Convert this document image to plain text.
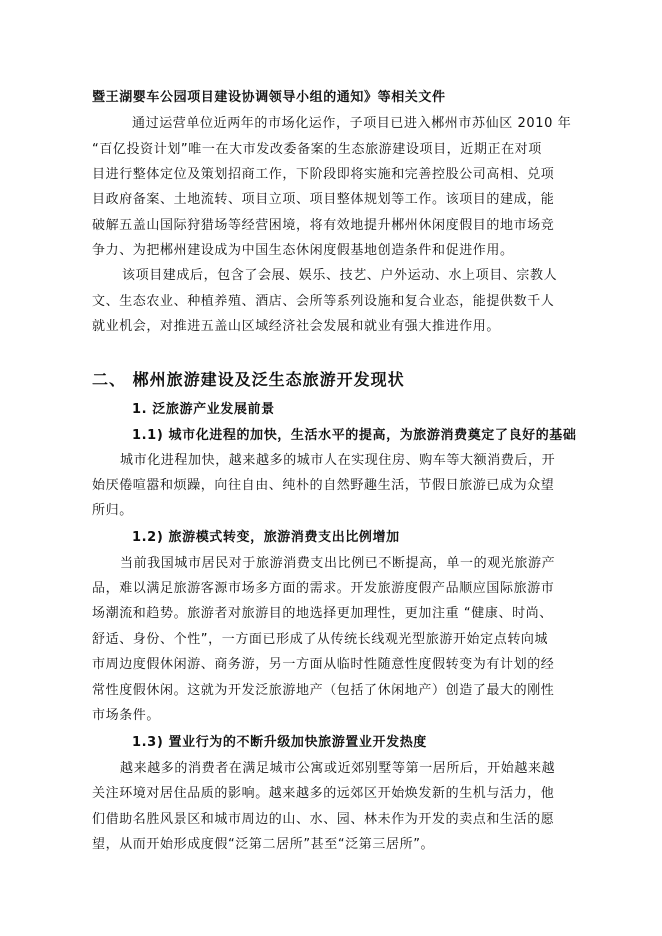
暨王湖婴车公园项目建设协调领导小组的通知》等相关文件
通过运营单位近两年的市场化运作，子项目已进入郴州市苏仙区 2010 年
“百亿投资计划”唯一在大市发改委备案的生态旅游建设项目，近期正在对项
目进行整体定位及策划招商工作，下阶段即将实施和完善控股公司高相、兑项
目政府备案、土地流转、项目立项、项目整体规划等工作。该项目的建成，能
破解五盖山国际狩猎场等经营困境，将有效地提升郴州休闲度假目的地市场竞
争力、为把郴州建设成为中国生态休闲度假基地创造条件和促进作用。
该项目建成后，包含了会展、娱乐、技艺、户外运动、水上项目、宗教人
文、生态农业、种植养殖、酒店、会所等系列设施和复合业态，能提供数千人
就业机会，对推进五盖山区域经济社会发展和就业有强大推进作用。
二、 郴州旅游建设及泛生态旅游开发现状
1. 泛旅游产业发展前景
1.1) 城市化进程的加快，生活水平的提高，为旅游消费奠定了良好的基础
城市化进程加快，越来越多的城市人在实现住房、购车等大额消费后，开
始厌倦喧嚣和烦躁，向往自由、纯朴的自然野趣生活，节假日旅游已成为众望
所归。
1.2) 旅游模式转变，旅游消费支出比例增加
当前我国城市居民对于旅游消费支出比例已不断提高，单一的观光旅游产
品，难以满足旅游客源市场多方面的需求。开发旅游度假产品顺应国际旅游市
场潮流和趋势。旅游者对旅游目的地选择更加理性，更加注重 “健康、时尚、
舒适、身份、个性”，一方面已形成了从传统长线观光型旅游开始定点转向城
市周边度假休闲游、商务游，另一方面从临时性随意性度假转变为有计划的经
常性度假休闲。这就为开发泛旅游地产（包括了休闲地产）创造了最大的刚性
市场条件。
1.3) 置业行为的不断升级加快旅游置业开发热度
越来越多的消费者在满足城市公寓或近郊别墅等第一居所后，开始越来越
关注环境对居住品质的影响。越来越多的远郊区开始焕发新的生机与活力，他
们借助名胜风景区和城市周边的山、水、园、林未作为开发的卖点和生活的愿
望，从而开始形成度假“泛第二居所”甚至“泛第三居所”。
